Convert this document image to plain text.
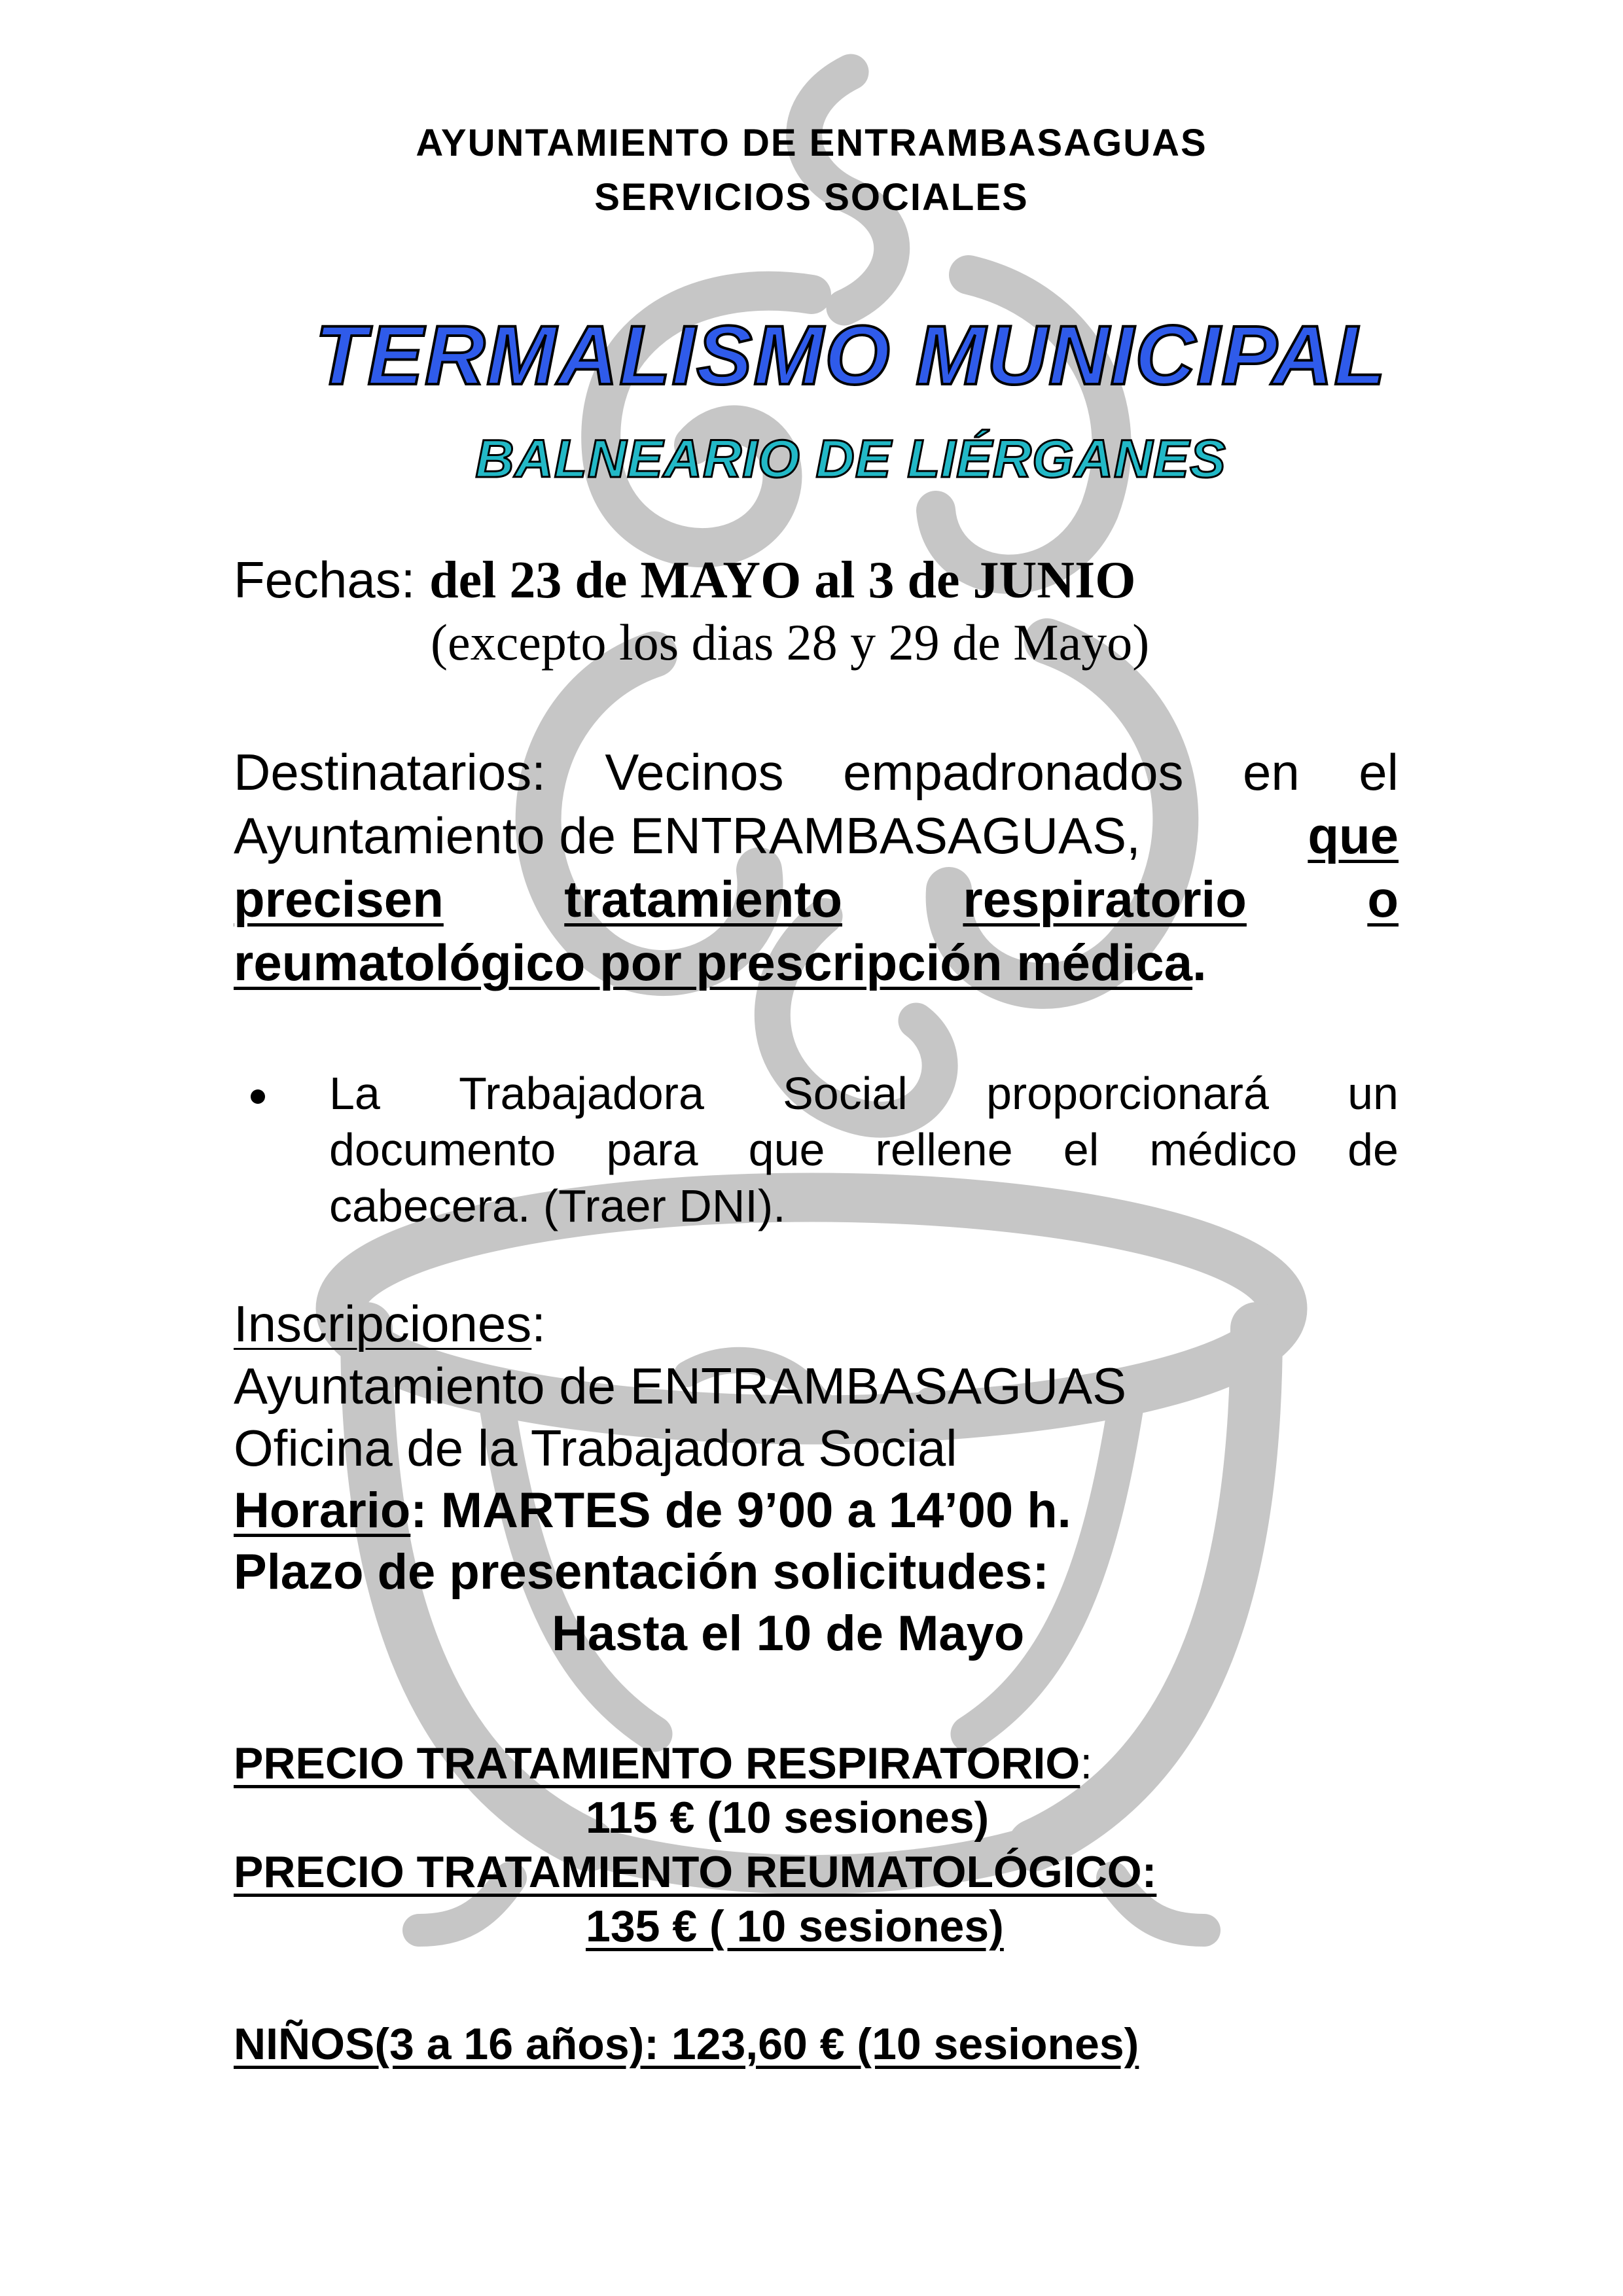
AYUNTAMIENTO DE ENTRAMBASAGUAS
SERVICIOS SOCIALES
TERMALISMO MUNICIPAL
BALNEARIO DE LIÉRGANES
Fechas: del 23 de MAYO al 3 de JUNIO
(excepto los dias 28 y 29 de Mayo)
Destinatarios: Vecinos empadronados en el
Ayuntamiento de ENTRAMBASAGUAS,	que
precisen tratamiento respiratorio o
reumatológico por prescripción médica.
La Trabajadora Social proporcionará un
documento para que rellene el médico de
cabecera. (Traer DNI).
Inscripciones:
Ayuntamiento de ENTRAMBASAGUAS
Oficina de la Trabajadora Social
Horario: MARTES de 9’00 a 14’00 h.
Plazo de presentación solicitudes:
Hasta el 10 de Mayo
PRECIO TRATAMIENTO RESPIRATORIO:
115 € (10 sesiones)
PRECIO TRATAMIENTO REUMATOLÓGICO:
135 € ( 10 sesiones)
NIÑOS(3 a 16 años): 123,60 € (10 sesiones)
